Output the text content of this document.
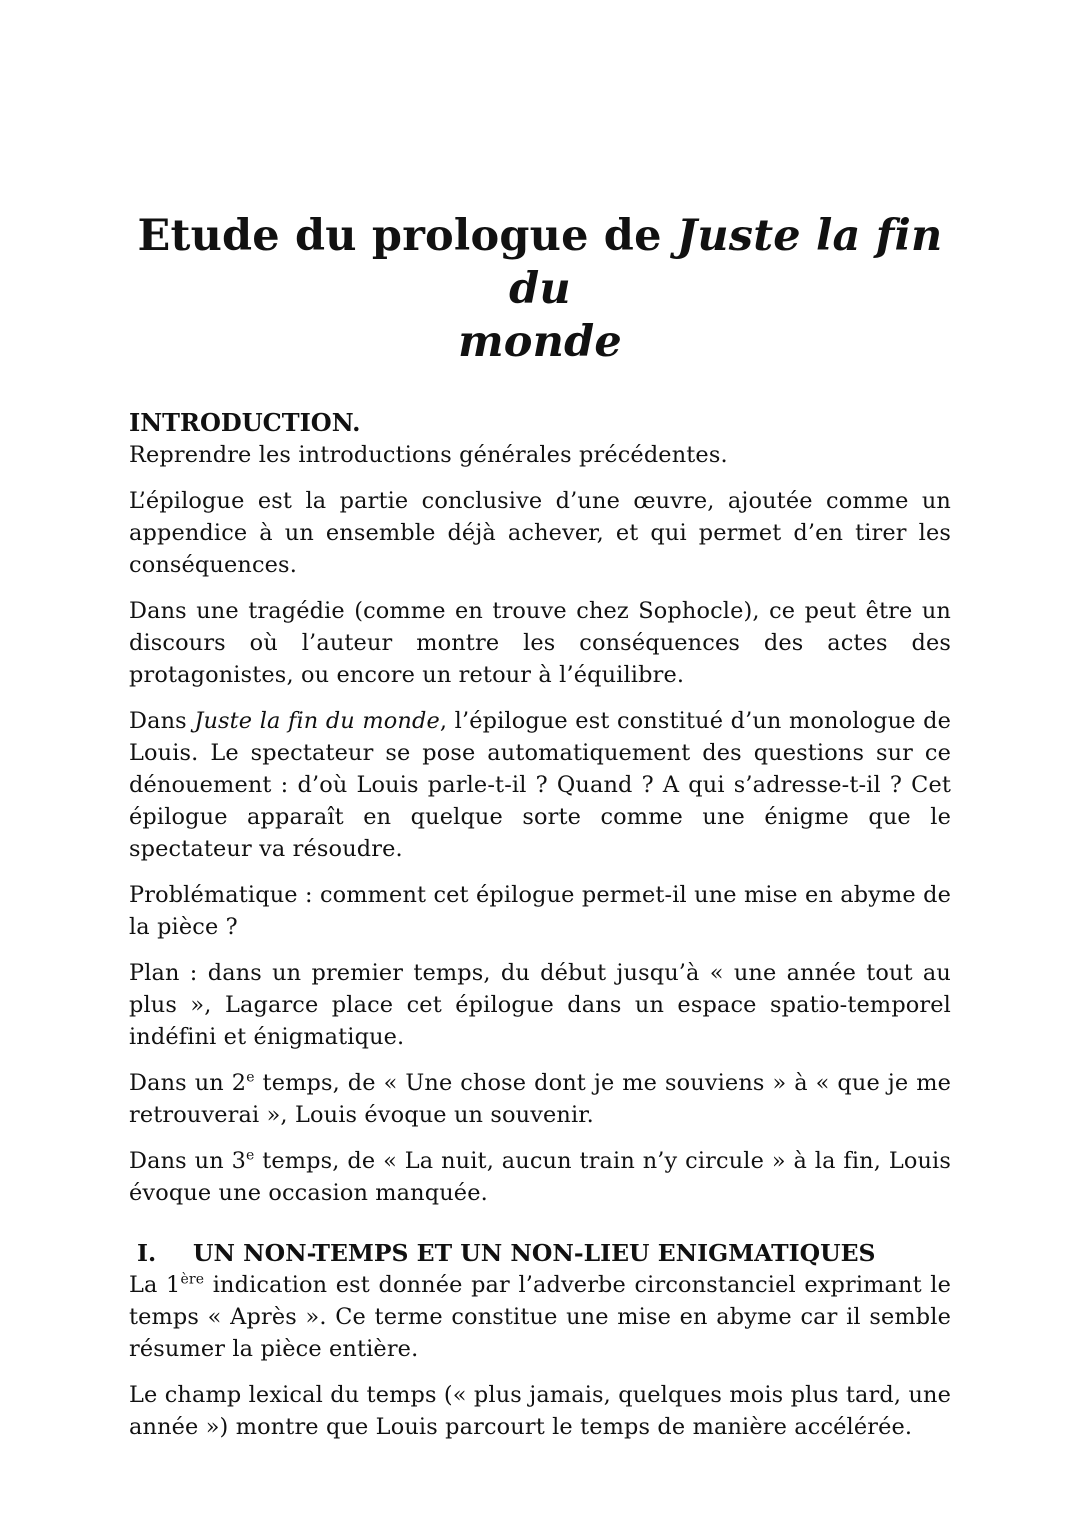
Etude du prologue de Juste la fin du
monde
INTRODUCTION.

Reprendre les introductions générales précédentes.

L’épilogue est la partie conclusive d’une œuvre, ajoutée comme un appendice à un ensemble déjà achever, et qui permet d’en tirer les conséquences.

Dans une tragédie (comme en trouve chez Sophocle), ce peut être un discours où l’auteur montre les conséquences des actes des protagonistes, ou encore un retour à l’équilibre.

Dans Juste la fin du monde, l’épilogue est constitué d’un monologue de Louis. Le spectateur se pose automatiquement des questions sur ce dénouement : d’où Louis parle-t-il ? Quand ? A qui s’adresse-t-il ? Cet épilogue apparaît en quelque sorte comme une énigme que le spectateur va résoudre.

Problématique : comment cet épilogue permet-il une mise en abyme de la pièce ?

Plan : dans un premier temps, du début jusqu’à « une année tout au plus », Lagarce place cet épilogue dans un espace spatio-temporel indéfini et énigmatique.

Dans un 2e temps, de « Une chose dont je me souviens » à « que je me retrouverai », Louis évoque un souvenir.

Dans un 3e temps, de « La nuit, aucun train n’y circule » à la fin, Louis évoque une occasion manquée.

I. UN NON-TEMPS ET UN NON-LIEU ENIGMATIQUES

La 1ère indication est donnée par l’adverbe circonstanciel exprimant le temps « Après ». Ce terme constitue une mise en abyme car il semble résumer la pièce entière.

Le champ lexical du temps (« plus jamais, quelques mois plus tard, une année ») montre que Louis parcourt le temps de manière accélérée.
